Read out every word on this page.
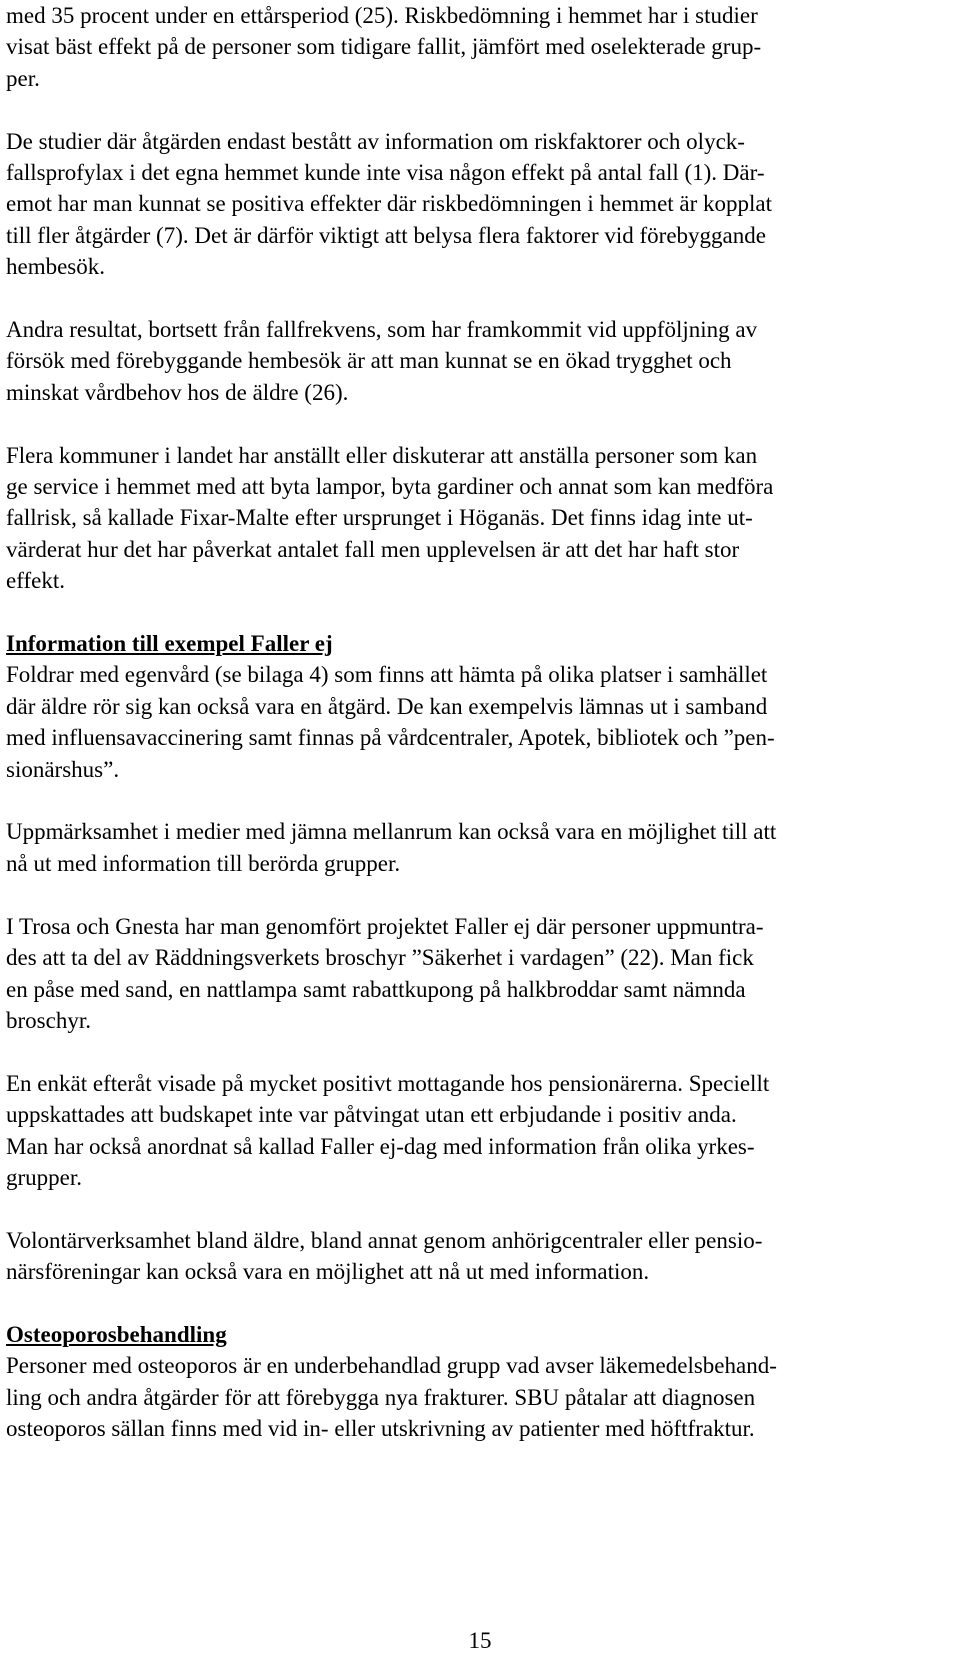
med 35 procent under en ettårsperiod (25). Riskbedömning i hemmet har i studier
visat bäst effekt på de personer som tidigare fallit, jämfört med oselekterade grup-
per.

De studier där åtgärden endast bestått av information om riskfaktorer och olyck-
fallsprofylax i det egna hemmet kunde inte visa någon effekt på antal fall (1). Där-
emot har man kunnat se positiva effekter där riskbedömningen i hemmet är kopplat
till fler åtgärder (7). Det är därför viktigt att belysa flera faktorer vid förebyggande
hembesök.

Andra resultat, bortsett från fallfrekvens, som har framkommit vid uppföljning av
försök med förebyggande hembesök är att man kunnat se en ökad trygghet och
minskat vårdbehov hos de äldre (26).

Flera kommuner i landet har anställt eller diskuterar att anställa personer som kan
ge service i hemmet med att byta lampor, byta gardiner och annat som kan medföra
fallrisk, så kallade Fixar-Malte efter ursprunget i Höganäs. Det finns idag inte ut-
värderat hur det har påverkat antalet fall men upplevelsen är att det har haft stor
effekt.

Information till exempel Faller ej

Foldrar med egenvård (se bilaga 4) som finns att hämta på olika platser i samhället
där äldre rör sig kan också vara en åtgärd. De kan exempelvis lämnas ut i samband
med influensavaccinering samt finnas på vårdcentraler, Apotek, bibliotek och ”pen-
sionärshus”.

Uppmärksamhet i medier med jämna mellanrum kan också vara en möjlighet till att
nå ut med information till berörda grupper.

I Trosa och Gnesta har man genomfört projektet Faller ej där personer uppmuntra-
des att ta del av Räddningsverkets broschyr ”Säkerhet i vardagen” (22). Man fick
en påse med sand, en nattlampa samt rabattkupong på halkbroddar samt nämnda
broschyr.

En enkät efteråt visade på mycket positivt mottagande hos pensionärerna. Speciellt
uppskattades att budskapet inte var påtvingat utan ett erbjudande i positiv anda.
Man har också anordnat så kallad Faller ej-dag med information från olika yrkes-
grupper.

Volontärverksamhet bland äldre, bland annat genom anhörigcentraler eller pensio-
närsföreningar kan också vara en möjlighet att nå ut med information.

Osteoporosbehandling

Personer med osteoporos är en underbehandlad grupp vad avser läkemedelsbehand-
ling och andra åtgärder för att förebygga nya frakturer. SBU påtalar att diagnosen
osteoporos sällan finns med vid in- eller utskrivning av patienter med höftfraktur.

15
